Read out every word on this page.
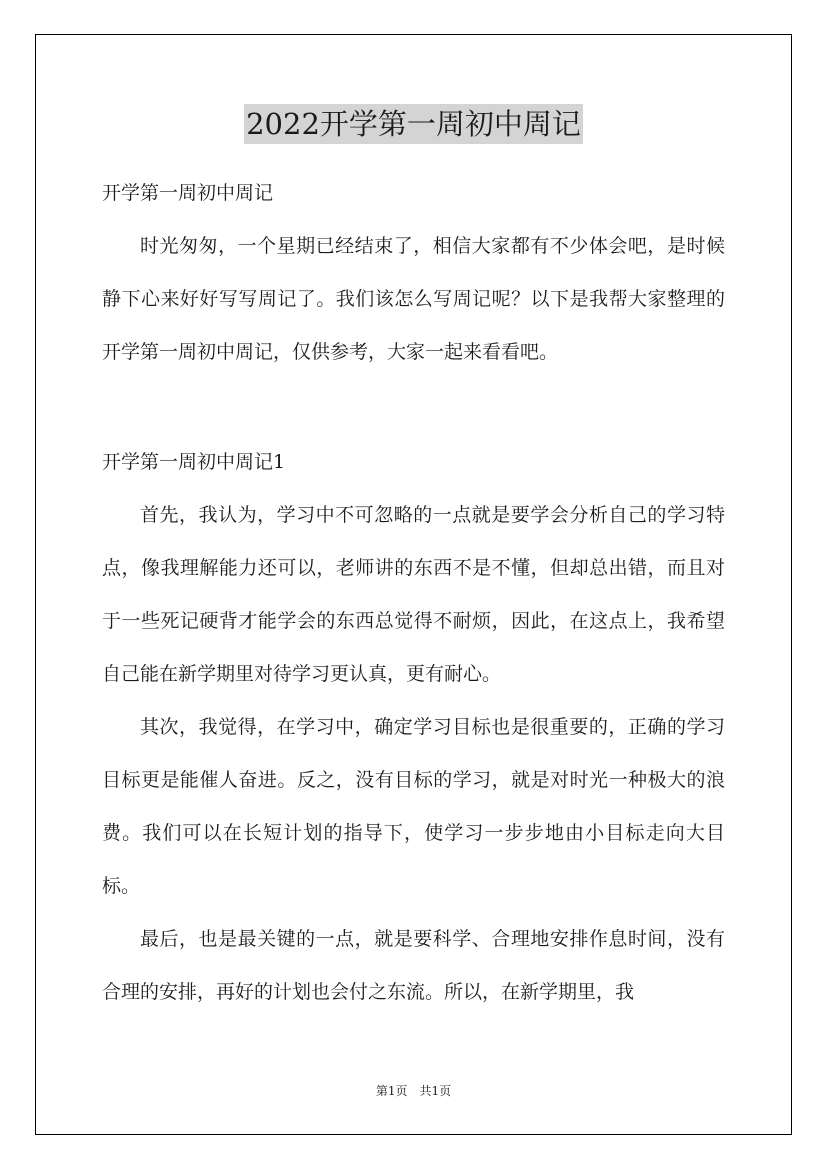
2022开学第一周初中周记

开学第一周初中周记

时光匆匆，一个星期已经结束了，相信大家都有不少体会吧，是时候静下心来好好写写周记了。我们该怎么写周记呢？以下是我帮大家整理的开学第一周初中周记，仅供参考，大家一起来看看吧。

开学第一周初中周记1

首先，我认为，学习中不可忽略的一点就是要学会分析自己的学习特点，像我理解能力还可以，老师讲的东西不是不懂，但却总出错，而且对于一些死记硬背才能学会的东西总觉得不耐烦，因此，在这点上，我希望自己能在新学期里对待学习更认真，更有耐心。

其次，我觉得，在学习中，确定学习目标也是很重要的，正确的学习目标更是能催人奋进。反之，没有目标的学习，就是对时光一种极大的浪费。我们可以在长短计划的指导下，使学习一步步地由小目标走向大目标。

最后，也是最关键的一点，就是要科学、合理地安排作息时间，没有合理的安排，再好的计划也会付之东流。所以，在新学期里，我

第1页　共1页
